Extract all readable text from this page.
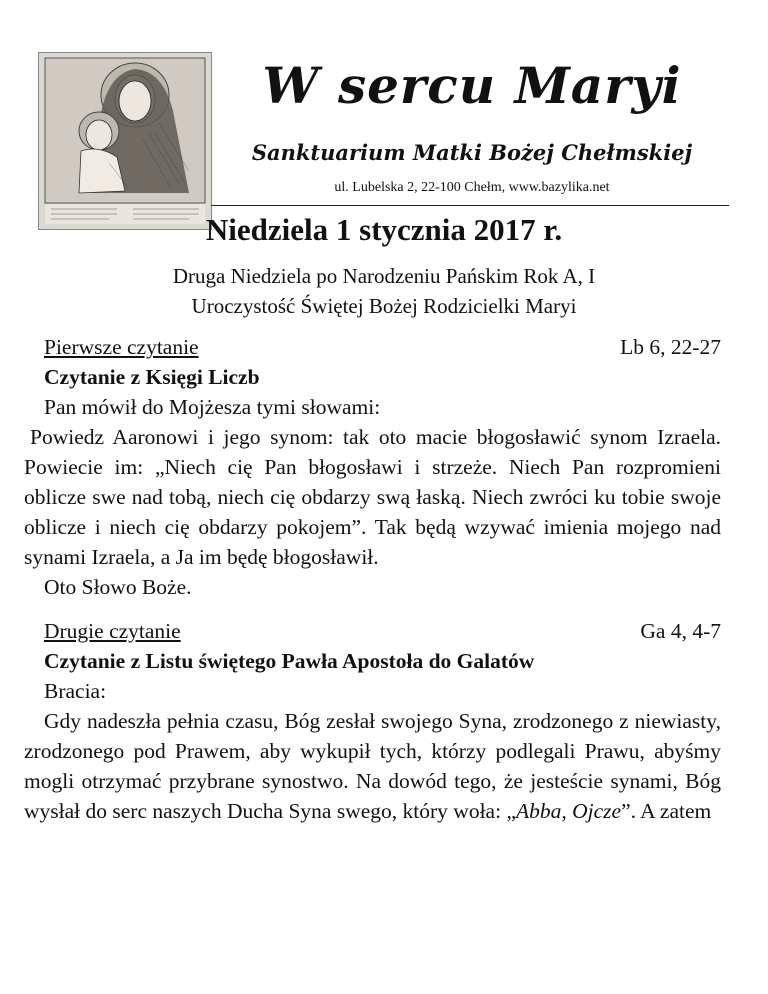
W sercu Maryi
Sanktuarium Matki Bożej Chełmskiej
ul. Lubelska 2, 22-100 Chełm, www.bazylika.net
Niedziela 1 stycznia 2017 r.
Druga Niedziela po Narodzeniu Pańskim Rok A, I
Uroczystość Świętej Bożej Rodzicielki Maryi
Pierwsze czytanie	Lb 6, 22-27
Czytanie z Księgi Liczb
Pan mówił do Mojżesza tymi słowami:
Powiedz Aaronowi i jego synom: tak oto macie błogosławić synom Izraela. Powiecie im: „Niech cię Pan błogosławi i strzeże. Niech Pan rozpromieni oblicze swe nad tobą, niech cię obdarzy swą łaską. Niech zwróci ku tobie swoje oblicze i niech cię obdarzy pokojem”. Tak będą wzywać imienia mojego nad synami Izraela, a Ja im będę błogosławił.
Oto Słowo Boże.
Drugie czytanie	Ga 4, 4-7
Czytanie z Listu świętego Pawła Apostoła do Galatów
Bracia:
Gdy nadeszła pełnia czasu, Bóg zesłał swojego Syna, zrodzonego z niewiasty, zrodzonego pod Prawem, aby wykupił tych, którzy podlegali Prawu, abyśmy mogli otrzymać przybrane synostwo. Na dowód tego, że jesteście synami, Bóg wysłał do serc naszych Ducha Syna swego, który woła: „Abba, Ojcze”. A zatem
